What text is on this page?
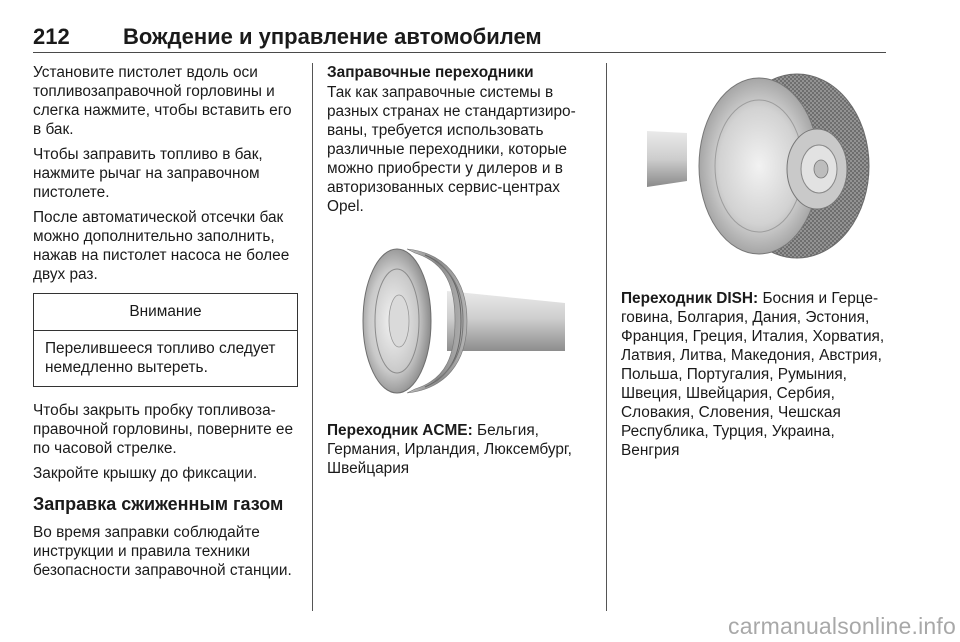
212 Вождение и управление автомобилем

Установите пистолет вдоль оси топливозаправочной горловины и слегка нажмите, чтобы вставить его в бак.

Чтобы заправить топливо в бак, нажмите рычаг на заправочном пистолете.

После автоматической отсечки бак можно дополнительно заполнить, нажав на пистолет насоса не более двух раз.

Внимание
Перелившееся топливо следует немедленно вытереть.

Чтобы закрыть пробку топливозаправочной горловины, поверните ее по часовой стрелке.

Закройте крышку до фиксации.

Заправка сжиженным газом

Во время заправки соблюдайте инструкции и правила техники безопасности заправочной станции.

Заправочные переходники

Так как заправочные системы в разных странах не стандартизированы, требуется использовать различные переходники, которые можно приобрести у дилеров и в авторизованных сервис-центрах Opel.

Переходник ACME: Бельгия, Германия, Ирландия, Люксембург, Швейцария

Переходник DISH: Босния и Герцеговина, Болгария, Дания, Эстония, Франция, Греция, Италия, Хорватия, Латвия, Литва, Македония, Австрия, Польша, Португалия, Румыния, Швеция, Швейцария, Сербия, Словакия, Словения, Чешская Республика, Турция, Украина, Венгрия

carmanualsonline.info
